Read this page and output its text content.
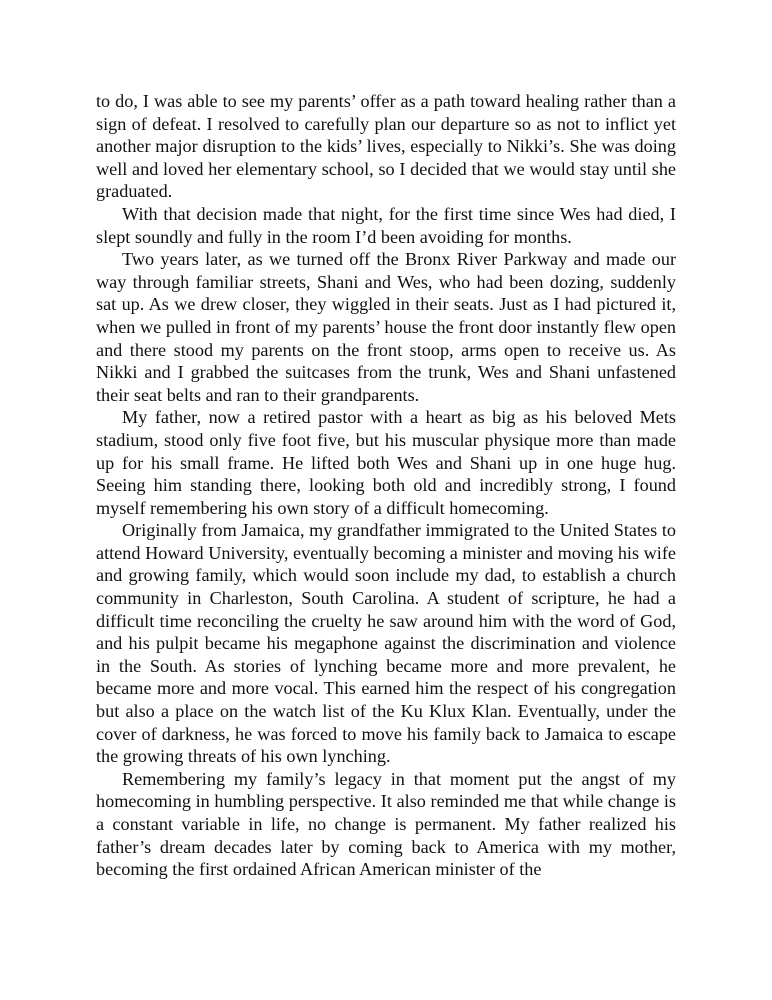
to do, I was able to see my parents’ offer as a path toward healing rather than a sign of defeat. I resolved to carefully plan our departure so as not to inflict yet another major disruption to the kids’ lives, especially to Nikki’s. She was doing well and loved her elementary school, so I decided that we would stay until she graduated.

With that decision made that night, for the first time since Wes had died, I slept soundly and fully in the room I’d been avoiding for months.

Two years later, as we turned off the Bronx River Parkway and made our way through familiar streets, Shani and Wes, who had been dozing, suddenly sat up. As we drew closer, they wiggled in their seats. Just as I had pictured it, when we pulled in front of my parents’ house the front door instantly flew open and there stood my parents on the front stoop, arms open to receive us. As Nikki and I grabbed the suitcases from the trunk, Wes and Shani unfastened their seat belts and ran to their grandparents.

My father, now a retired pastor with a heart as big as his beloved Mets stadium, stood only five foot five, but his muscular physique more than made up for his small frame. He lifted both Wes and Shani up in one huge hug. Seeing him standing there, looking both old and incredibly strong, I found myself remembering his own story of a difficult homecoming.

Originally from Jamaica, my grandfather immigrated to the United States to attend Howard University, eventually becoming a minister and moving his wife and growing family, which would soon include my dad, to establish a church community in Charleston, South Carolina. A student of scripture, he had a difficult time reconciling the cruelty he saw around him with the word of God, and his pulpit became his megaphone against the discrimination and violence in the South. As stories of lynching became more and more prevalent, he became more and more vocal. This earned him the respect of his congregation but also a place on the watch list of the Ku Klux Klan. Eventually, under the cover of darkness, he was forced to move his family back to Jamaica to escape the growing threats of his own lynching.

Remembering my family’s legacy in that moment put the angst of my homecoming in humbling perspective. It also reminded me that while change is a constant variable in life, no change is permanent. My father realized his father’s dream decades later by coming back to America with my mother, becoming the first ordained African American minister of the
